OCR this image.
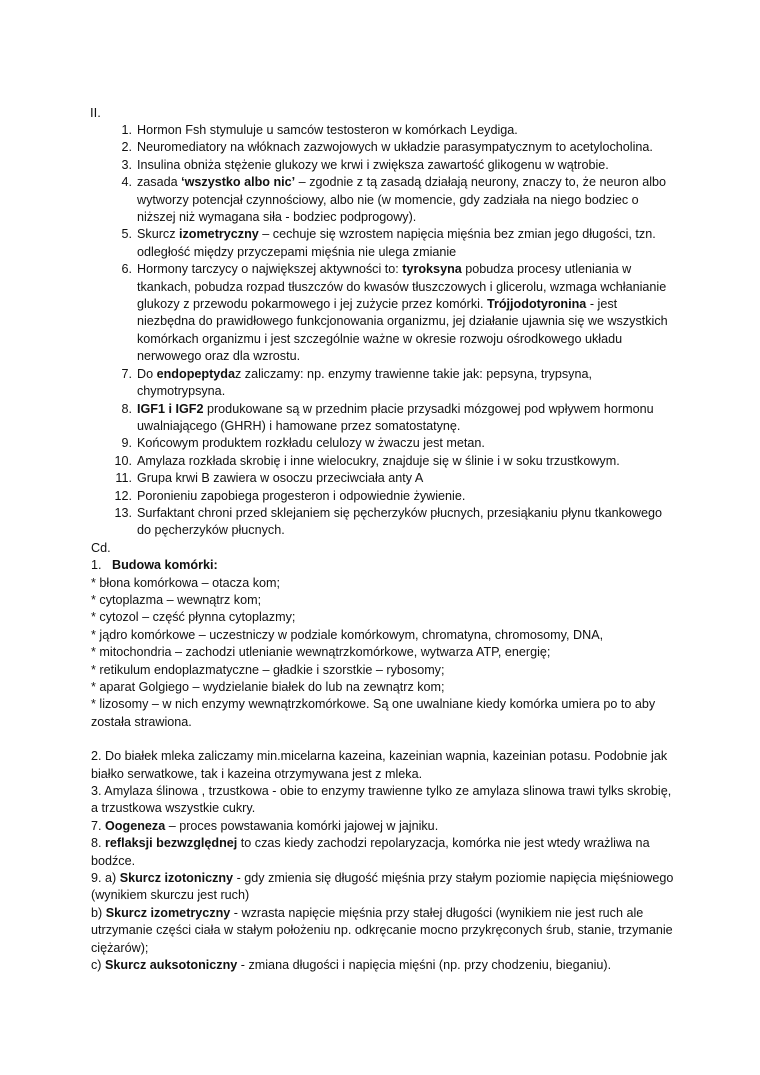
II.
1. Hormon Fsh stymuluje u samców testosteron w komórkach Leydiga.
2. Neuromediatory na włóknach zazwojowych w układzie parasympatycznym to acetylocholina.
3. Insulina obniża stężenie glukozy we krwi i zwiększa zawartość glikogenu w wątrobie.
4. zasada ‘wszystko albo nic’ – zgodnie z tą zasadą działają neurony, znaczy to, że neuron albo wytworzy potencjał czynnościowy, albo nie (w momencie, gdy zadziała na niego bodziec o niższej niż wymagana siła - bodziec podprogowy).
5. Skurcz izometryczny – cechuje się wzrostem napięcia mięśnia bez zmian jego długości, tzn. odległość między przyczepami mięśnia nie ulega zmianie
6. Hormony tarczycy o największej aktywności to: tyroksyna pobudza procesy utleniania w tkankach, pobudza rozpad tłuszczów do kwasów tłuszczowych i glicerolu, wzmaga wchłanianie glukozy z przewodu pokarmowego i jej zużycie przez komórki. Trójjodotyronina - jest niezbędna do prawidłowego funkcjonowania organizmu, jej działanie ujawnia się we wszystkich komórkach organizmu i jest szczególnie ważne w okresie rozwoju ośrodkowego układu nerwowego oraz dla wzrostu.
7. Do endopeptydaz zaliczamy: np. enzymy trawienne takie jak: pepsyna, trypsyna, chymotrypsyna.
8. IGF1 i IGF2 produkowane są w przednim płacie przysadki mózgowej pod wpływem hormonu uwalniającego (GHRH) i hamowane przez somatostatynę.
9. Końcowym produktem rozkładu celulozy w żwaczu jest metan.
10. Amylaza rozkłada skrobię i inne wielocukry, znajduje się w ślinie i w soku trzustkowym.
11. Grupa krwi B zawiera w osoczu przeciwciała anty A
12. Poronieniu zapobiega progesteron i odpowiednie żywienie.
13. Surfaktant chroni przed sklejaniem się pęcherzyków płucnych, przesiąkaniu płynu tkankowego do pęcherzyków płucnych.
Cd.
1. Budowa komórki:
* błona komórkowa – otacza kom;
* cytoplazma – wewnątrz kom;
* cytozol – część płynna cytoplazmy;
* jądro komórkowe – uczestniczy w podziale komórkowym, chromatyna, chromosomy, DNA,
* mitochondria – zachodzi utlenianie wewnątrzkomórkowe, wytwarza ATP, energię;
* retikulum endoplazmatyczne – gładkie i szorstkie – rybosomy;
* aparat Golgiego – wydzielanie białek do lub na zewnątrz kom;
* lizosomy – w nich enzymy wewnątrzkomórkowe. Są one uwalniane kiedy komórka umiera po to aby została strawiona.
2. Do białek mleka zaliczamy min.micelarna kazeina, kazeinian wapnia, kazeinian potasu. Podobnie jak białko serwatkowe, tak i kazeina otrzymywana jest z mleka.
3. Amylaza ślinowa , trzustkowa - obie to enzymy trawienne tylko ze amylaza slinowa trawi tylks skrobię, a trzustkowa wszystkie cukry.
7. Oogeneza – proces powstawania komórki jajowej w jajniku.
8. reflaksji bezwzględnej to czas kiedy zachodzi repolaryzacja, komórka nie jest wtedy wrażliwa na bodźce.
9. a) Skurcz izotoniczny - gdy zmienia się długość mięśnia przy stałym poziomie napięcia mięśniowego (wynikiem skurczu jest ruch)
b) Skurcz izometryczny - wzrasta napięcie mięśnia przy stałej długości (wynikiem nie jest ruch ale utrzymanie części ciała w stałym położeniu np. odkręcanie mocno przykręconych śrub, stanie, trzymanie ciężarów);
c) Skurcz auksotoniczny - zmiana długości i napięcia mięśni (np. przy chodzeniu, bieganiu).
